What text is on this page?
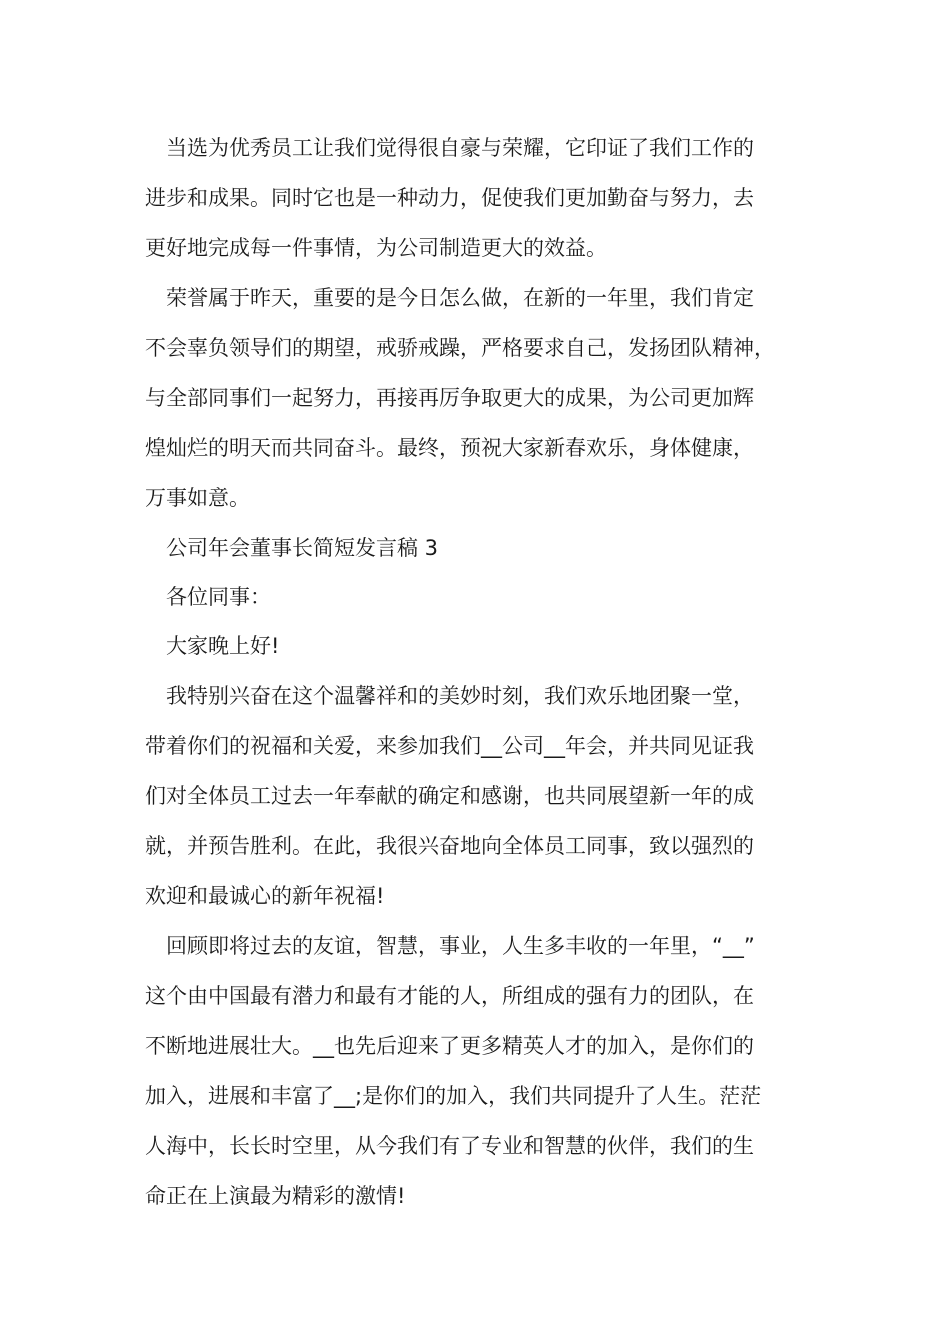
　当选为优秀员工让我们觉得很自豪与荣耀，它印证了我们工作的

进步和成果。同时它也是一种动力，促使我们更加勤奋与努力，去

更好地完成每一件事情，为公司制造更大的效益。

　荣誉属于昨天，重要的是今日怎么做，在新的一年里，我们肯定

不会辜负领导们的期望，戒骄戒躁，严格要求自己，发扬团队精神，

与全部同事们一起努力，再接再厉争取更大的成果，为公司更加辉

煌灿烂的明天而共同奋斗。最终，预祝大家新春欢乐，身体健康，

万事如意。

　公司年会董事长简短发言稿 3

　各位同事：

　大家晚上好!

　我特别兴奋在这个温馨祥和的美妙时刻，我们欢乐地团聚一堂，

带着你们的祝福和关爱，来参加我们__公司__年会，并共同见证我

们对全体员工过去一年奉献的确定和感谢，也共同展望新一年的成

就，并预告胜利。在此，我很兴奋地向全体员工同事，致以强烈的

欢迎和最诚心的新年祝福!

　回顾即将过去的友谊，智慧，事业，人生多丰收的一年里，“__”

这个由中国最有潜力和最有才能的人，所组成的强有力的团队，在

不断地进展壮大。__也先后迎来了更多精英人才的加入，是你们的

加入，进展和丰富了__;是你们的加入，我们共同提升了人生。茫茫

人海中，长长时空里，从今我们有了专业和智慧的伙伴，我们的生

命正在上演最为精彩的激情!
